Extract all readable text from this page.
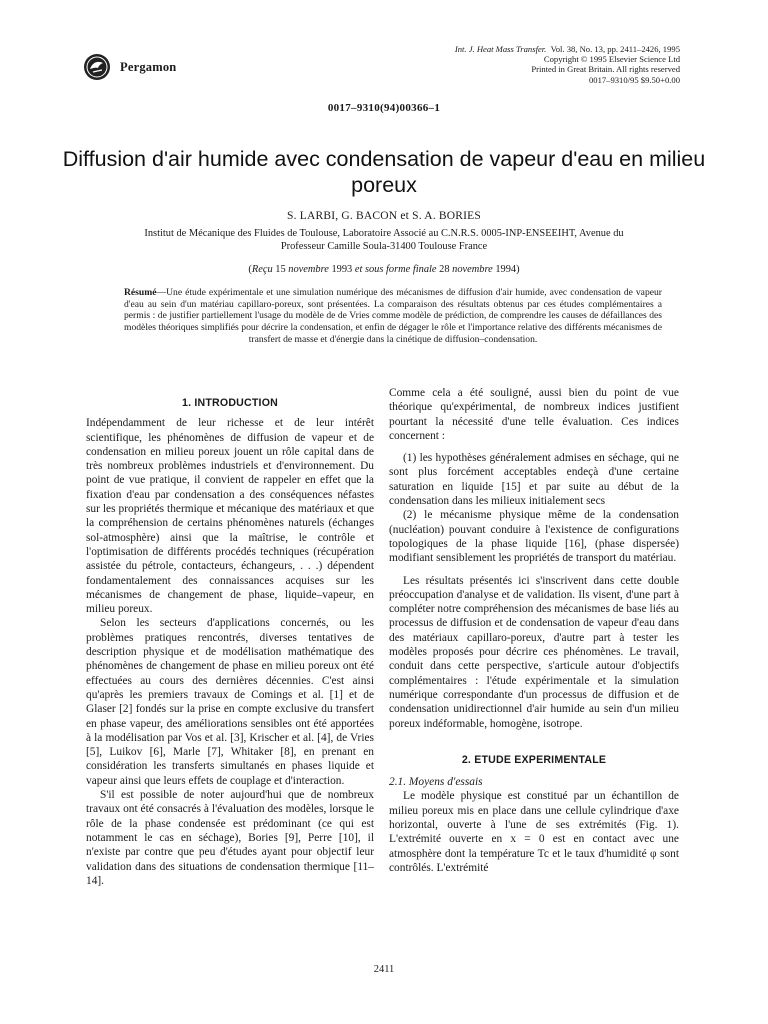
Pergamon
Int. J. Heat Mass Transfer. Vol. 38, No. 13, pp. 2411–2426, 1995
Copyright © 1995 Elsevier Science Ltd
Printed in Great Britain. All rights reserved
0017–9310/95 $9.50+0.00
0017–9310(94)00366–1
Diffusion d'air humide avec condensation de vapeur d'eau en milieu poreux
S. LARBI, G. BACON et S. A. BORIES
Institut de Mécanique des Fluides de Toulouse, Laboratoire Associé au C.N.R.S. 0005-INP-ENSEEIHT, Avenue du Professeur Camille Soula-31400 Toulouse France
(Reçu 15 novembre 1993 et sous forme finale 28 novembre 1994)
Résumé—Une étude expérimentale et une simulation numérique des mécanismes de diffusion d'air humide, avec condensation de vapeur d'eau au sein d'un matériau capillaro-poreux, sont présentées. La comparaison des résultats obtenus par ces études complémentaires a permis : de justifier partiellement l'usage du modèle de de Vries comme modèle de prédiction, de comprendre les causes de défaillances des modèles théoriques simplifiés pour décrire la condensation, et enfin de dégager le rôle et l'importance relative des différents mécanismes de transfert de masse et d'énergie dans la cinétique de diffusion–condensation.
1. INTRODUCTION

Indépendamment de leur richesse et de leur intérêt scientifique, les phénomènes de diffusion de vapeur et de condensation en milieu poreux jouent un rôle capital dans de très nombreux problèmes industriels et d'environnement. Du point de vue pratique, il convient de rappeler en effet que la fixation d'eau par condensation a des conséquences néfastes sur les propriétés thermique et mécanique des matériaux et que la compréhension de certains phénomènes naturels (échanges sol-atmosphère) ainsi que la maîtrise, le contrôle et l'optimisation de différents procédés techniques (récupération assistée du pétrole, contacteurs, échangeurs, . . .) dépendent fondamentalement des connaissances acquises sur les mécanismes de changement de phase, liquide–vapeur, en milieu poreux.

Selon les secteurs d'applications concernés, ou les problèmes pratiques rencontrés, diverses tentatives de description physique et de modélisation mathématique des phénomènes de changement de phase en milieu poreux ont été effectuées au cours des dernières décennies. C'est ainsi qu'après les premiers travaux de Comings et al. [1] et de Glaser [2] fondés sur la prise en compte exclusive du transfert en phase vapeur, des améliorations sensibles ont été apportées à la modélisation par Vos et al. [3], Krischer et al. [4], de Vries [5], Luikov [6], Marle [7], Whitaker [8], en prenant en considération les transferts simultanés en phases liquide et vapeur ainsi que leurs effets de couplage et d'interaction.

S'il est possible de noter aujourd'hui que de nombreux travaux ont été consacrés à l'évaluation des modèles, lorsque le rôle de la phase condensée est prédominant (ce qui est notamment le cas en séchage), Bories [9], Perre [10], il n'existe par contre que peu d'études ayant pour objectif leur validation dans des situations de condensation thermique [11–14].

Comme cela a été souligné, aussi bien du point de vue théorique qu'expérimental, de nombreux indices justifient pourtant la nécessité d'une telle évaluation. Ces indices concernent :

(1) les hypothèses généralement admises en séchage, qui ne sont plus forcément acceptables endeçà d'une certaine saturation en liquide [15] et par suite au début de la condensation dans les milieux initialement secs

(2) le mécanisme physique même de la condensation (nucléation) pouvant conduire à l'existence de configurations topologiques de la phase liquide [16], (phase dispersée) modifiant sensiblement les propriétés de transport du matériau.

Les résultats présentés ici s'inscrivent dans cette double préoccupation d'analyse et de validation. Ils visent, d'une part à compléter notre compréhension des mécanismes de base liés au processus de diffusion et de condensation de vapeur d'eau dans des matériaux capillaro-poreux, d'autre part à tester les modèles proposés pour décrire ces phénomènes. Le travail, conduit dans cette perspective, s'articule autour d'objectifs complémentaires : l'étude expérimentale et la simulation numérique correspondante d'un processus de diffusion et de condensation unidirectionnel d'air humide au sein d'un milieu poreux indéformable, homogène, isotrope.

2. ETUDE EXPERIMENTALE

2.1. Moyens d'essais

Le modèle physique est constitué par un échantillon de milieu poreux mis en place dans une cellule cylindrique d'axe horizontal, ouverte à l'une de ses extrémités (Fig. 1). L'extrémité ouverte en x = 0 est en contact avec une atmosphère dont la température Tc et le taux d'humidité φ sont contrôlés. L'extrémité

2411
